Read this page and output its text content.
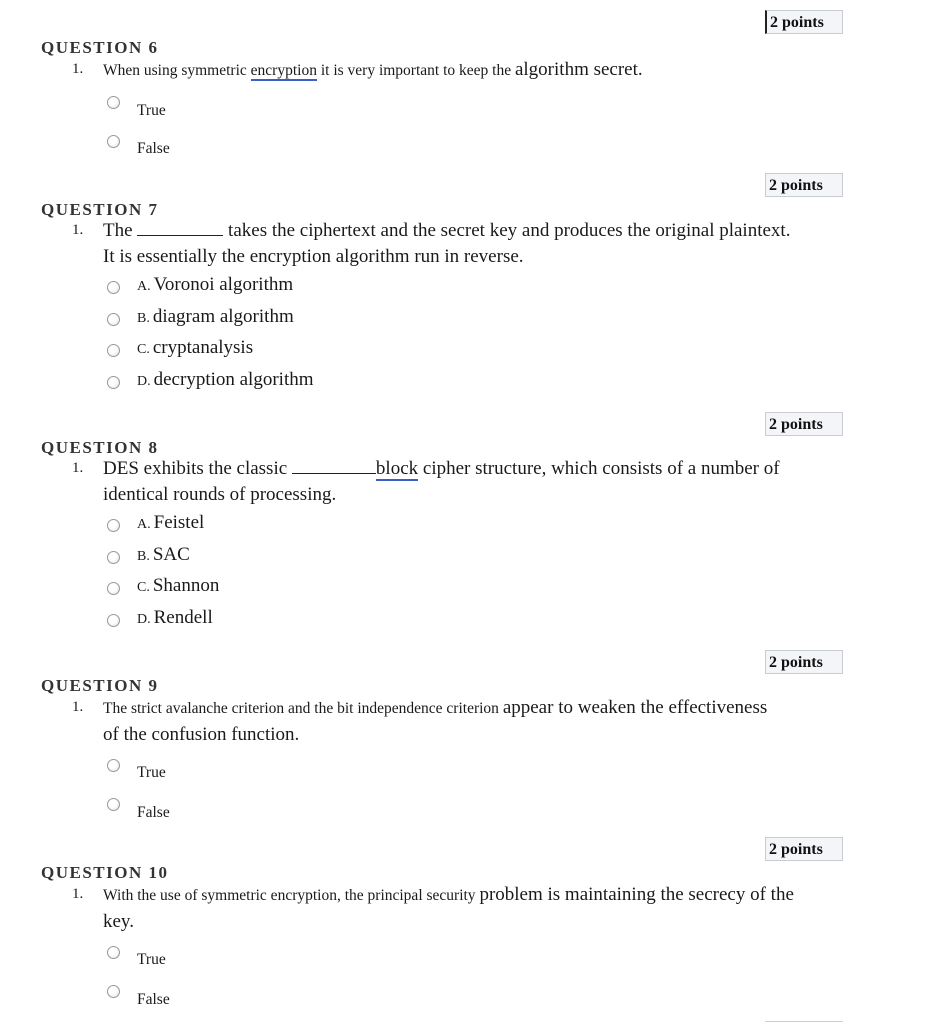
2 points
QUESTION 6
1. When using symmetric encryption it is very important to keep the algorithm secret.
True
False
2 points
QUESTION 7
1. The	takes the ciphertext and the secret key and produces the original plaintext. It is essentially the encryption algorithm run in reverse.
A. Voronoi algorithm
B. diagram algorithm
C. cryptanalysis
D. decryption algorithm
2 points
QUESTION 8
1. DES exhibits the classic	block cipher structure, which consists of a number of identical rounds of processing.
A. Feistel
B. SAC
C. Shannon
D. Rendell
2 points
QUESTION 9
1. The strict avalanche criterion and the bit independence criterion appear to weaken the effectiveness of the confusion function.
True
False
2 points
QUESTION 10
1. With the use of symmetric encryption, the principal security problem is maintaining the secrecy of the key.
True
False
